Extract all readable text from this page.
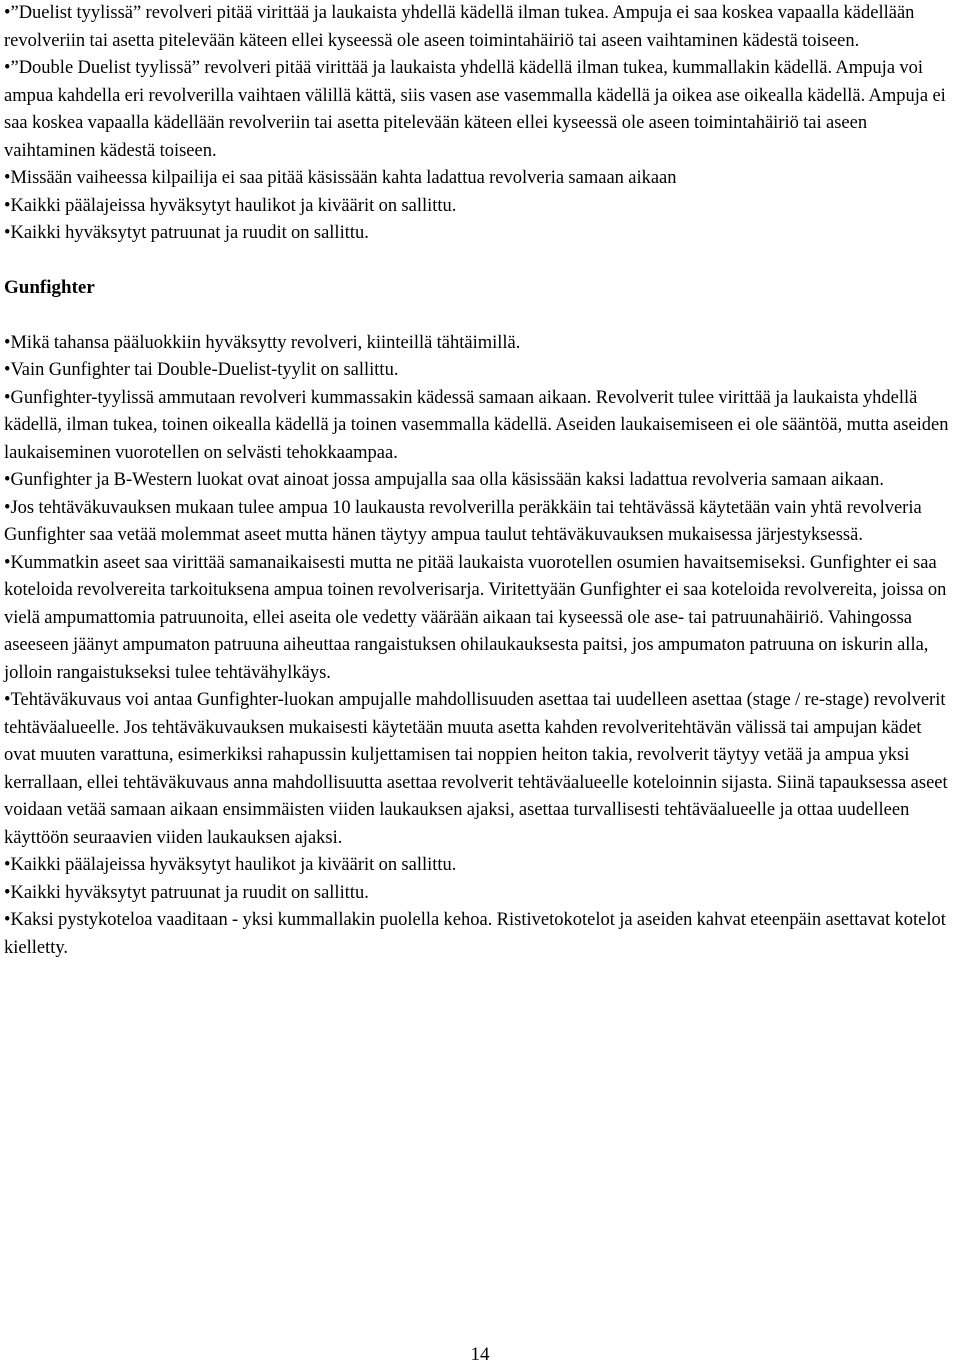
•”Duelist tyylissä” revolveri pitää virittää ja laukaista yhdellä kädellä ilman tukea. Ampuja ei saa koskea vapaalla kädellään revolveriin tai asetta pitelevään käteen ellei kyseessä ole aseen toimintahäiriö tai aseen vaihtaminen kädestä toiseen.

•”Double Duelist tyylissä” revolveri pitää virittää ja laukaista yhdellä kädellä ilman tukea, kummallakin kädellä. Ampuja voi ampua kahdella eri revolverilla vaihtaen välillä kättä, siis vasen ase vasemmalla kädellä ja oikea ase oikealla kädellä. Ampuja ei saa koskea vapaalla kädellään revolveriin tai asetta pitelevään käteen ellei kyseessä ole aseen toimintahäiriö tai aseen vaihtaminen kädestä toiseen.

•Missään vaiheessa kilpailija ei saa pitää käsissään kahta ladattua revolveria samaan aikaan

•Kaikki päälajeissa hyväksytyt haulikot ja kiväärit on sallittu.

•Kaikki hyväksytyt patruunat ja ruudit on sallittu.

Gunfighter

•Mikä tahansa pääluokkiin hyväksytty revolveri, kiinteillä tähtäimillä.

•Vain Gunfighter tai Double-Duelist-tyylit on sallittu.

•Gunfighter-tyylissä ammutaan revolveri kummassakin kädessä samaan aikaan. Revolverit tulee virittää ja laukaista yhdellä kädellä, ilman tukea, toinen oikealla kädellä ja toinen vasemmalla kädellä. Aseiden laukaisemiseen ei ole sääntöä, mutta aseiden laukaiseminen vuorotellen on selvästi tehokkaampaa.

•Gunfighter ja B-Western luokat ovat ainoat jossa ampujalla saa olla käsissään kaksi ladattua revolveria samaan aikaan.

•Jos tehtäväkuvauksen mukaan tulee ampua 10 laukausta revolverilla peräkkäin tai tehtävässä käytetään vain yhtä revolveria Gunfighter saa vetää molemmat aseet mutta hänen täytyy ampua taulut tehtäväkuvauksen mukaisessa järjestyksessä.

•Kummatkin aseet saa virittää samanaikaisesti mutta ne pitää laukaista vuorotellen osumien havaitsemiseksi. Gunfighter ei saa koteloida revolvereita tarkoituksena ampua toinen revolverisarja. Viritettyään Gunfighter ei saa koteloida revolvereita, joissa on vielä ampumattomia patruunoita, ellei aseita ole vedetty väärään aikaan tai kyseessä ole ase- tai patruunahäiriö. Vahingossa aseeseen jäänyt ampumaton patruuna aiheuttaa rangaistuksen ohilaukauksesta paitsi, jos ampumaton patruuna on iskurin alla, jolloin rangaistukseksi tulee tehtävähylkäys.

•Tehtäväkuvaus voi antaa Gunfighter-luokan ampujalle mahdollisuuden asettaa tai uudelleen asettaa (stage / re-stage) revolverit tehtäväalueelle. Jos tehtäväkuvauksen mukaisesti käytetään muuta asetta kahden revolveritehtävän välissä tai ampujan kädet ovat muuten varattuna, esimerkiksi rahapussin kuljettamisen tai noppien heiton takia, revolverit täytyy vetää ja ampua yksi kerrallaan, ellei tehtäväkuvaus anna mahdollisuutta asettaa revolverit tehtäväalueelle koteloinnin sijasta. Siinä tapauksessa aseet voidaan vetää samaan aikaan ensimmäisten viiden laukauksen ajaksi, asettaa turvallisesti tehtäväalueelle ja ottaa uudelleen käyttöön seuraavien viiden laukauksen ajaksi.

•Kaikki päälajeissa hyväksytyt haulikot ja kiväärit on sallittu.

•Kaikki hyväksytyt patruunat ja ruudit on sallittu.

•Kaksi pystykoteloa vaaditaan - yksi kummallakin puolella kehoa. Ristivetokotelot ja aseiden kahvat eteenpäin asettavat kotelot kielletty.

14
